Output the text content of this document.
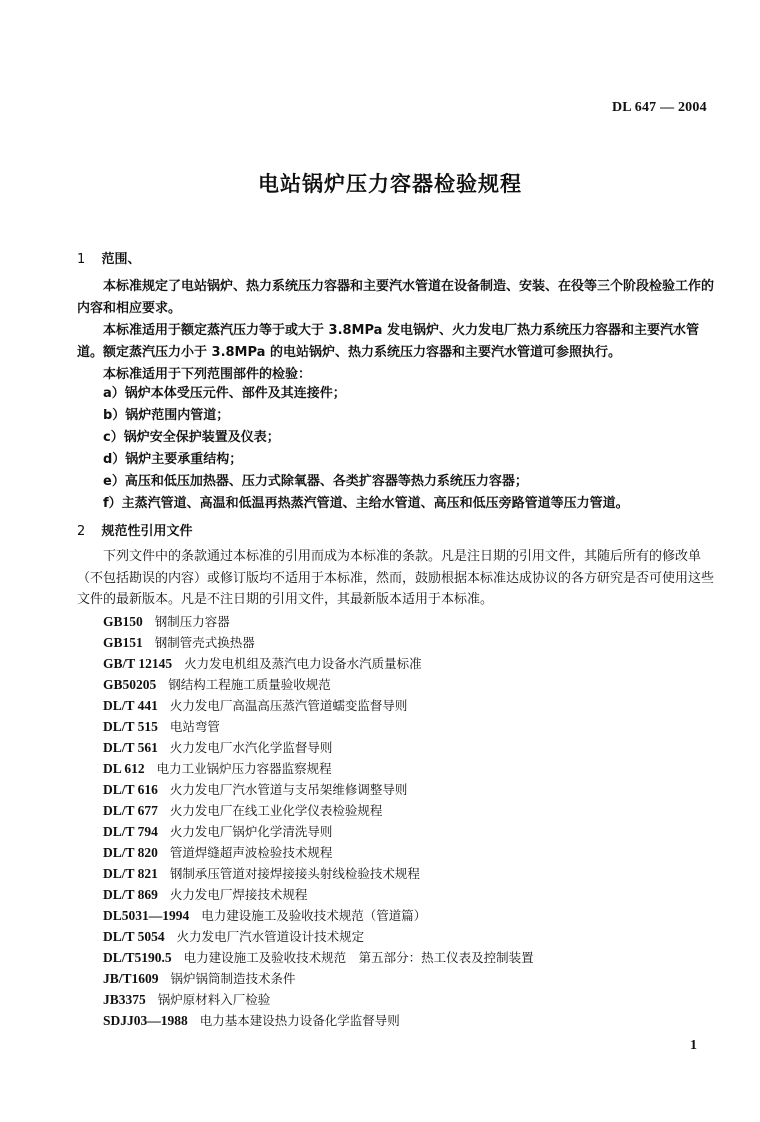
DL 647 — 2004
电站锅炉压力容器检验规程
1 范围、
本标准规定了电站锅炉、热力系统压力容器和主要汽水管道在设备制造、安装、在役等三个阶段检验工作的内容和相应要求。
本标准适用于额定蒸汽压力等于或大于 3.8MPa 发电锅炉、火力发电厂热力系统压力容器和主要汽水管道。额定蒸汽压力小于 3.8MPa 的电站锅炉、热力系统压力容器和主要汽水管道可参照执行。
本标准适用于下列范围部件的检验：
a）锅炉本体受压元件、部件及其连接件；
b）锅炉范围内管道；
c）锅炉安全保护装置及仪表；
d）锅炉主要承重结构；
e）高压和低压加热器、压力式除氧器、各类扩容器等热力系统压力容器；
f）主蒸汽管道、高温和低温再热蒸汽管道、主给水管道、高压和低压旁路管道等压力管道。
2 规范性引用文件
下列文件中的条款通过本标准的引用而成为本标准的条款。凡是注日期的引用文件，其随后所有的修改单（不包括勘误的内容）或修订版均不适用于本标准，然而，鼓励根据本标准达成协议的各方研究是否可使用这些文件的最新版本。凡是不注日期的引用文件，其最新版本适用于本标准。
GB150 钢制压力容器
GB151 钢制管壳式换热器
GB/T 12145 火力发电机组及蒸汽电力设备水汽质量标准
GB50205 钢结构工程施工质量验收规范
DL/T 441 火力发电厂高温高压蒸汽管道蠕变监督导则
DL/T 515 电站弯管
DL/T 561 火力发电厂水汽化学监督导则
DL 612 电力工业锅炉压力容器监察规程
DL/T 616 火力发电厂汽水管道与支吊架维修调整导则
DL/T 677 火力发电厂在线工业化学仪表检验规程
DL/T 794 火力发电厂锅炉化学清洗导则
DL/T 820 管道焊缝超声波检验技术规程
DL/T 821 钢制承压管道对接焊接接头射线检验技术规程
DL/T 869 火力发电厂焊接技术规程
DL5031—1994 电力建设施工及验收技术规范（管道篇）
DL/T 5054 火力发电厂汽水管道设计技术规定
DL/T5190.5 电力建设施工及验收技术规范　第五部分：热工仪表及控制装置
JB/T1609 锅炉锅筒制造技术条件
JB3375 锅炉原材料入厂检验
SDJJ03—1988 电力基本建设热力设备化学监督导则
1
